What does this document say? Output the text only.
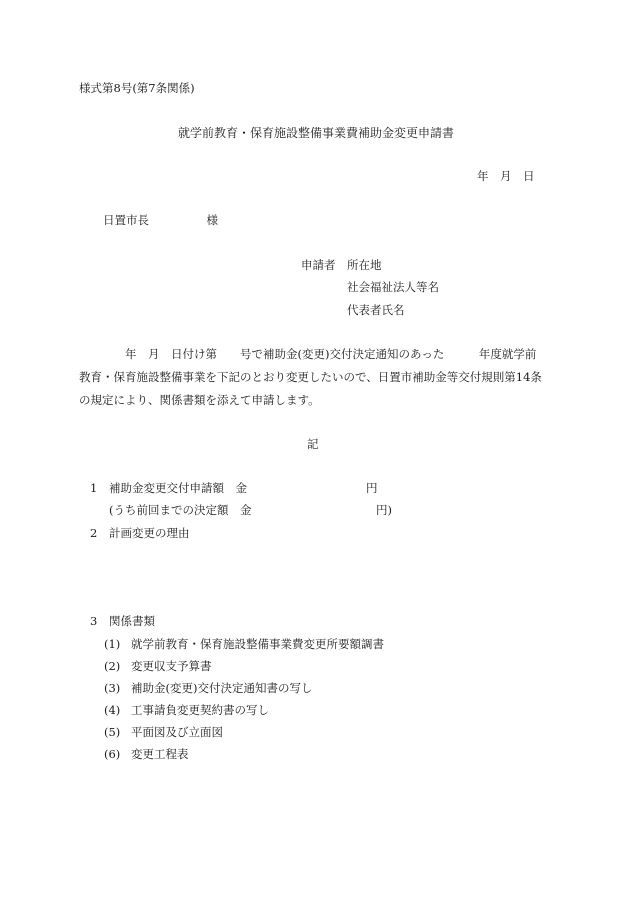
様式第8号(第7条関係)
就学前教育・保育施設整備事業費補助金変更申請書
年　月　日
日置市長　　　　　様
申請者 所在地
社会福祉法人等名
代表者氏名
年　月　日付け第　　号で補助金(変更)交付決定通知のあった　　　年度就学前
教育・保育施設整備事業を下記のとおり変更したいので、日置市補助金等交付規則第14条
の規定により、関係書類を添えて申請します。
記
1 補助金変更交付申請額　金	円
(うち前回までの決定額　金	円)
2 計画変更の理由
3 関係書類
(1) 就学前教育・保育施設整備事業費変更所要額調書
(2) 変更収支予算書
(3) 補助金(変更)交付決定通知書の写し
(4) 工事請負変更契約書の写し
(5) 平面図及び立面図
(6) 変更工程表
